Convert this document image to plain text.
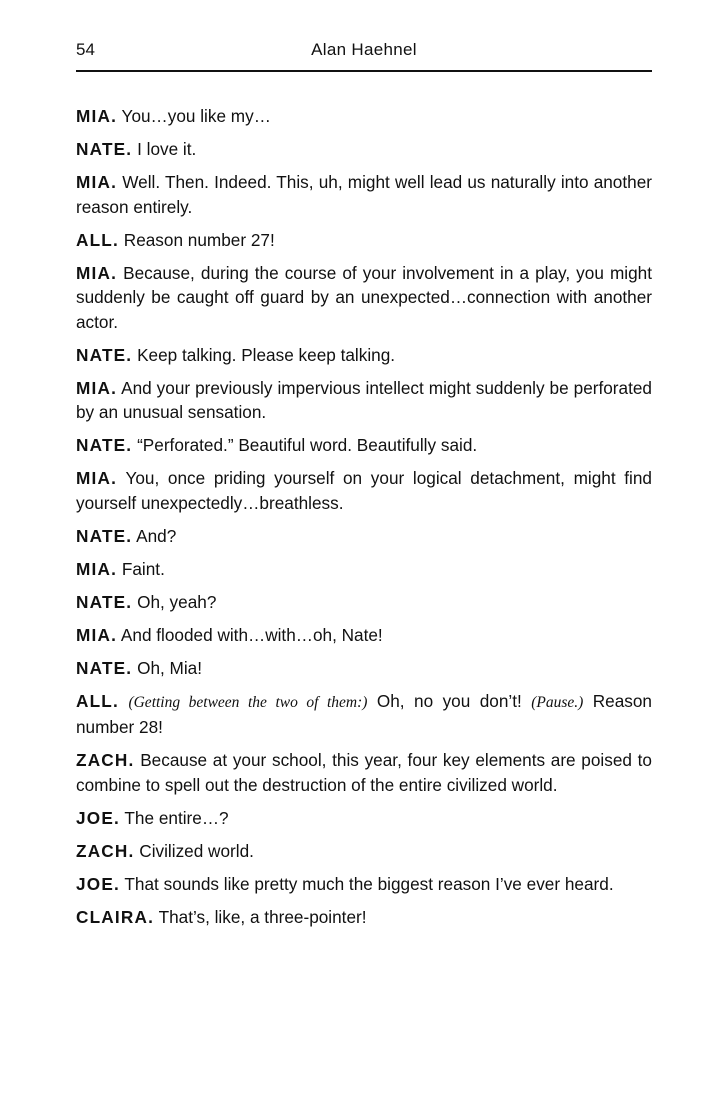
54	Alan Haehnel

MIA. You…you like my…

NATE. I love it.

MIA. Well. Then. Indeed. This, uh, might well lead us naturally into another reason entirely.

ALL. Reason number 27!

MIA. Because, during the course of your involvement in a play, you might suddenly be caught off guard by an unexpected…connection with another actor.

NATE. Keep talking. Please keep talking.

MIA. And your previously impervious intellect might suddenly be perforated by an unusual sensation.

NATE. “Perforated.” Beautiful word. Beautifully said.

MIA. You, once priding yourself on your logical detachment, might find yourself unexpectedly…breathless.

NATE. And?

MIA. Faint.

NATE. Oh, yeah?

MIA. And flooded with…with…oh, Nate!

NATE. Oh, Mia!

ALL. (Getting between the two of them:) Oh, no you don’t! (Pause.) Reason number 28!

ZACH. Because at your school, this year, four key elements are poised to combine to spell out the destruction of the entire civilized world.

JOE. The entire…?

ZACH. Civilized world.

JOE. That sounds like pretty much the biggest reason I’ve ever heard.

CLAIRA. That’s, like, a three-pointer!
